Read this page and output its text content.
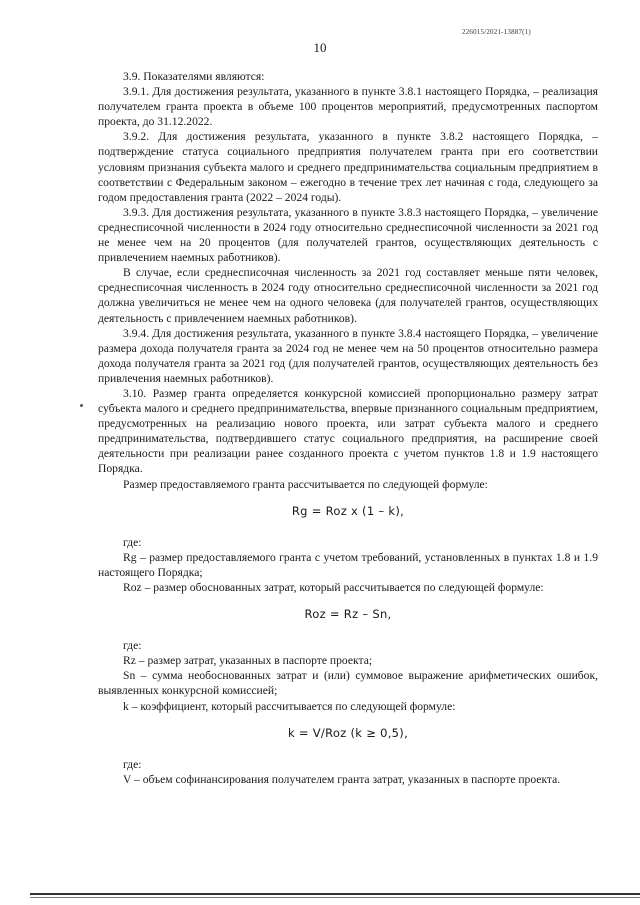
226015/2021-13887(1)
10

3.9. Показателями являются:

3.9.1. Для достижения результата, указанного в пункте 3.8.1 настоящего Порядка, – реализация получателем гранта проекта в объеме 100 процентов мероприятий, предусмотренных паспортом проекта, до 31.12.2022.

3.9.2. Для достижения результата, указанного в пункте 3.8.2 настоящего Порядка, – подтверждение статуса социального предприятия получателем гранта при его соответствии условиям признания субъекта малого и среднего предпринимательства социальным предприятием в соответствии с Федеральным законом – ежегодно в течение трех лет начиная с года, следующего за годом предоставления гранта (2022 – 2024 годы).

3.9.3. Для достижения результата, указанного в пункте 3.8.3 настоящего Порядка, – увеличение среднесписочной численности в 2024 году относительно среднесписочной численности за 2021 год не менее чем на 20 процентов (для получателей грантов, осуществляющих деятельность с привлечением наемных работников).

В случае, если среднесписочная численность за 2021 год составляет меньше пяти человек, среднесписочная численность в 2024 году относительно среднесписочной численности за 2021 год должна увеличиться не менее чем на одного человека (для получателей грантов, осуществляющих деятельность с привлечением наемных работников).

3.9.4. Для достижения результата, указанного в пункте 3.8.4 настоящего Порядка, – увеличение размера дохода получателя гранта за 2024 год не менее чем на 50 процентов относительно размера дохода получателя гранта за 2021 год (для получателей грантов, осуществляющих деятельность без привлечения наемных работников).

3.10. Размер гранта определяется конкурсной комиссией пропорционально размеру затрат субъекта малого и среднего предпринимательства, впервые признанного социальным предприятием, предусмотренных на реализацию нового проекта, или затрат субъекта малого и среднего предпринимательства, подтвердившего статус социального предприятия, на расширение своей деятельности при реализации ранее созданного проекта с учетом пунктов 1.8 и 1.9 настоящего Порядка.

Размер предоставляемого гранта рассчитывается по следующей формуле:

Rg = Roz x (1 – k),

где:

Rg – размер предоставляемого гранта с учетом требований, установленных в пунктах 1.8 и 1.9 настоящего Порядка;

Roz – размер обоснованных затрат, который рассчитывается по следующей формуле:

Roz = Rz – Sn,

где:

Rz – размер затрат, указанных в паспорте проекта;

Sn – сумма необоснованных затрат и (или) суммовое выражение арифметических ошибок, выявленных конкурсной комиссией;

k – коэффициент, который рассчитывается по следующей формуле:

k = V/Roz (k ≥ 0,5),

где:

V – объем софинансирования получателем гранта затрат, указанных в паспорте проекта.
